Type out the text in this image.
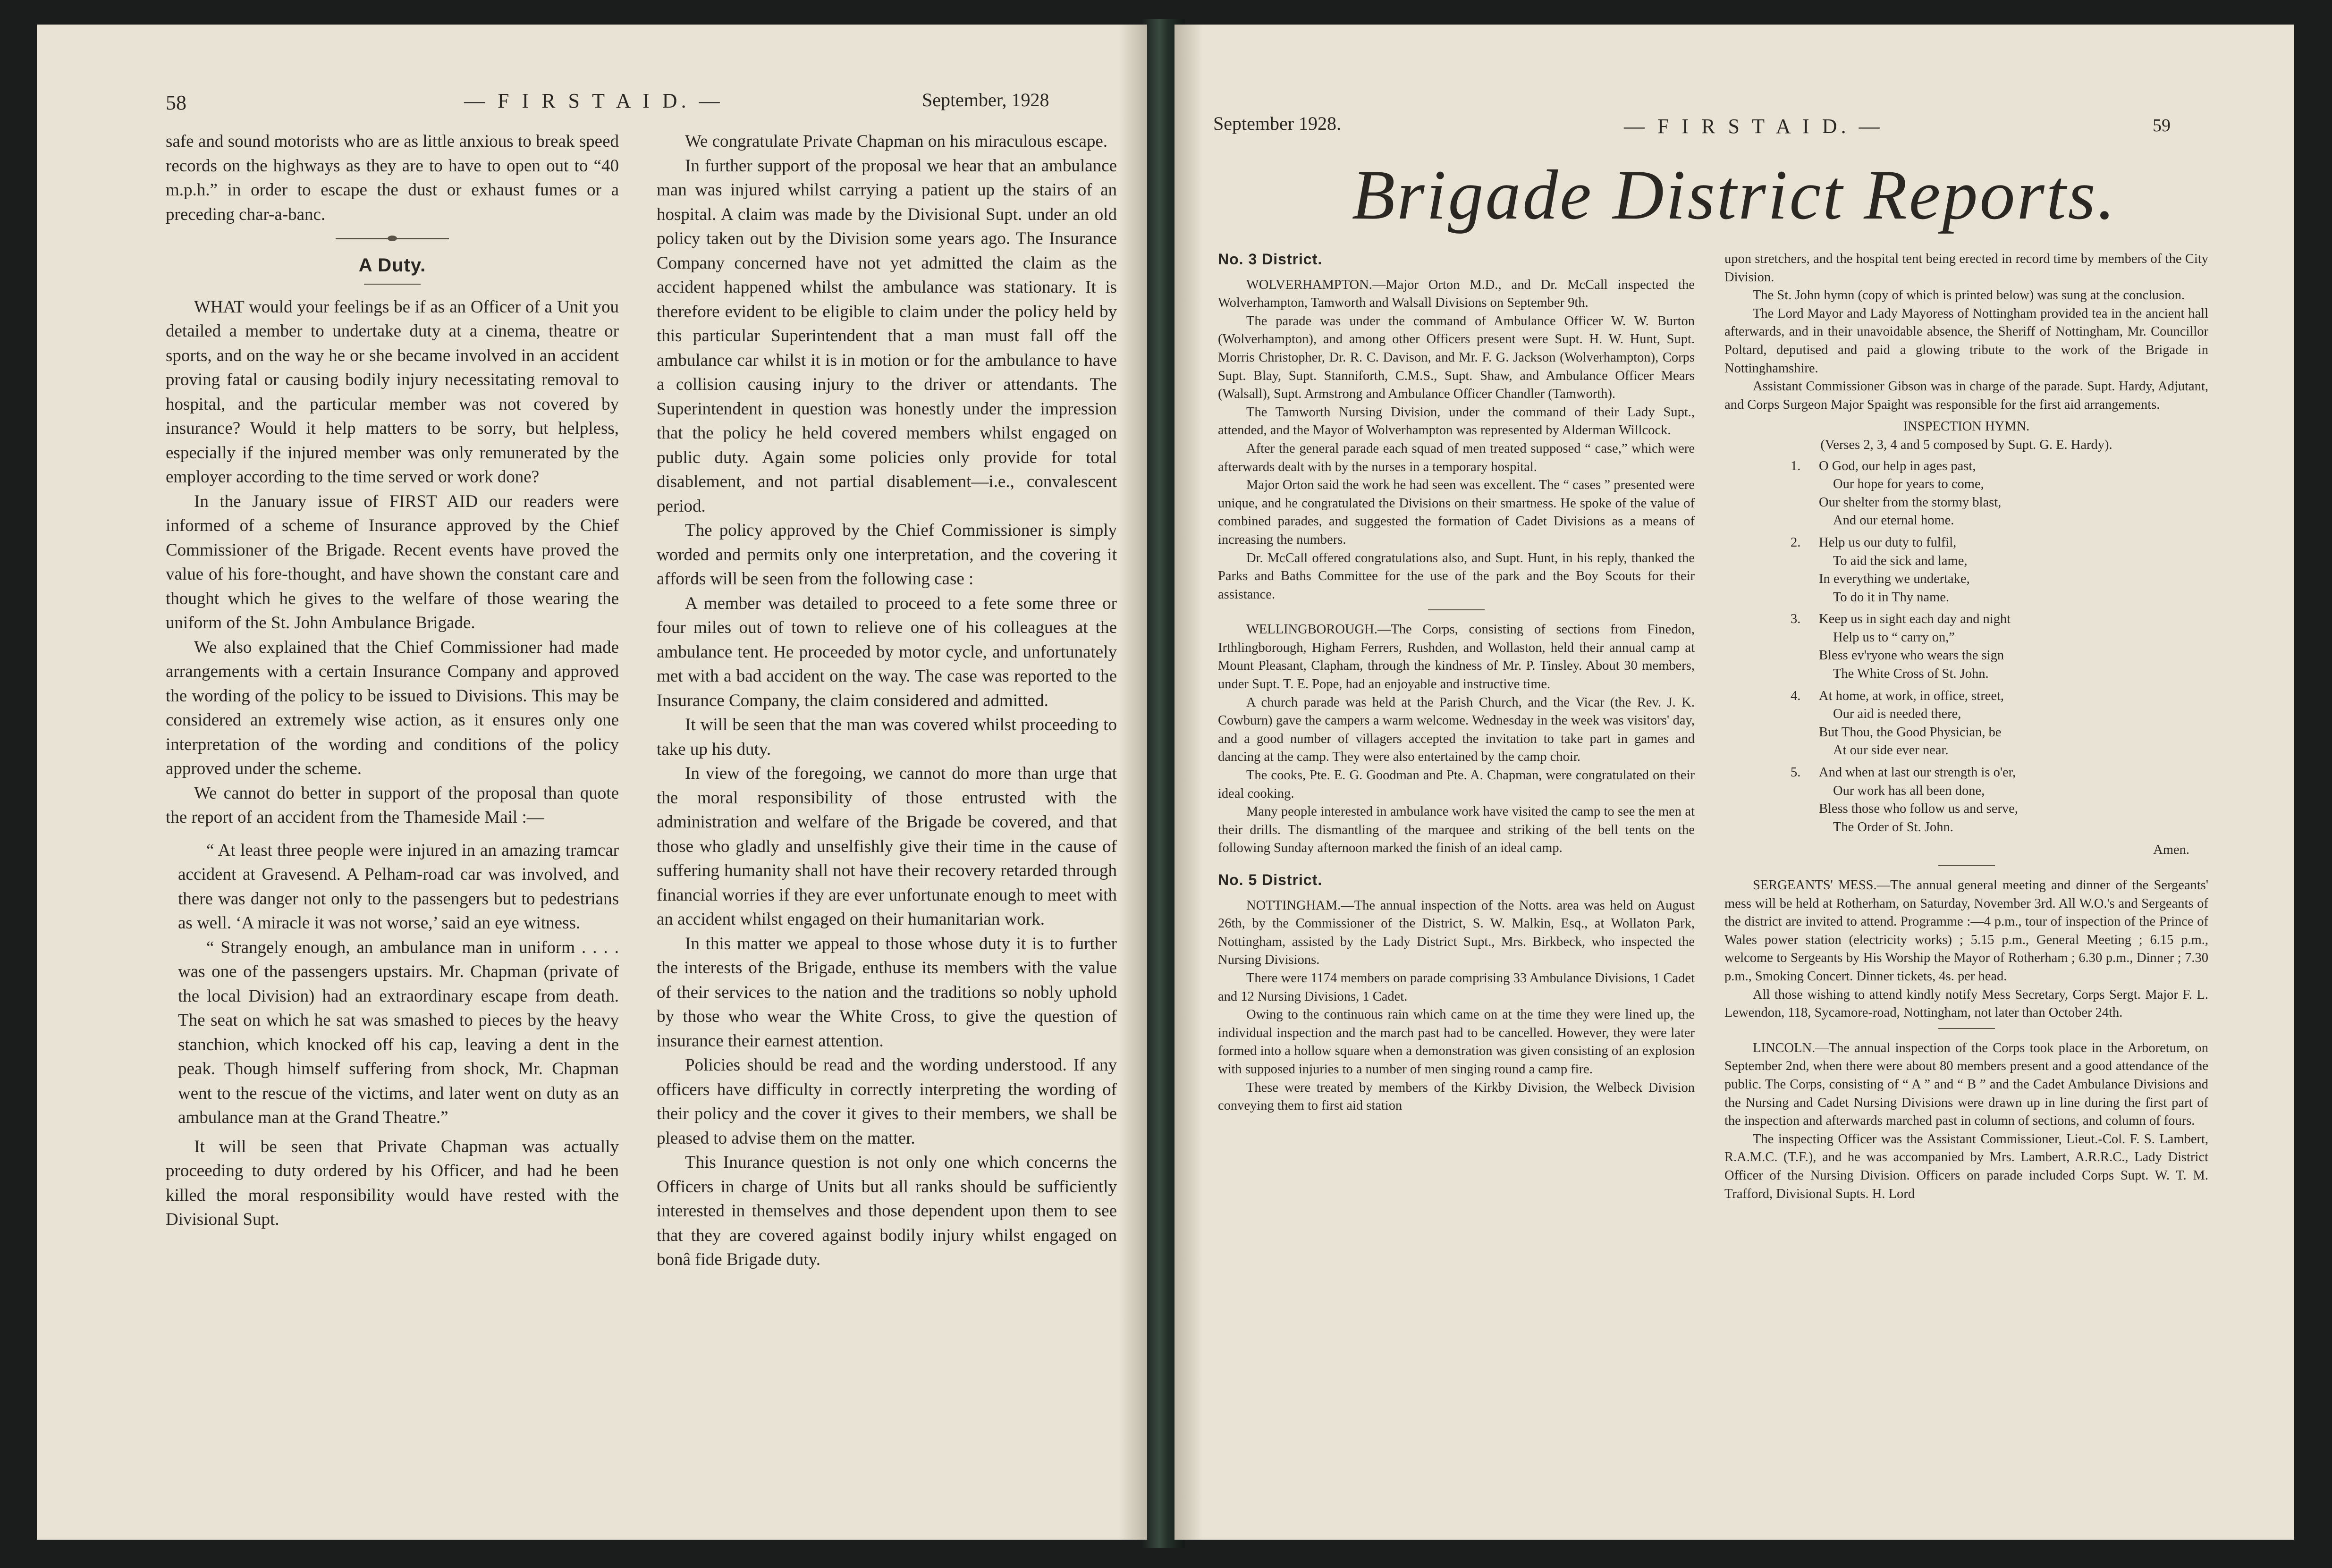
58	— F I R S T A I D. —	September, 1928

safe and sound motorists who are as little anxious to break speed records on the highways as they are to have to open out to “40 m.p.h.” in order to escape the dust or exhaust fumes or a preceding char-a-banc.

A Duty.

WHAT would your feelings be if as an Officer of a Unit you detailed a member to undertake duty at a cinema, theatre or sports, and on the way he or she became involved in an accident proving fatal or causing bodily injury necessitating removal to hospital, and the particular member was not covered by insurance? Would it help matters to be sorry, but helpless, especially if the injured member was only remunerated by the employer according to the time served or work done?

In the January issue of FIRST AID our readers were informed of a scheme of Insurance approved by the Chief Commissioner of the Brigade. Recent events have proved the value of his fore-thought, and have shown the constant care and thought which he gives to the welfare of those wearing the uniform of the St. John Ambulance Brigade.

We also explained that the Chief Commissioner had made arrangements with a certain Insurance Company and approved the wording of the policy to be issued to Divisions. This may be considered an extremely wise action, as it ensures only one interpretation of the wording and conditions of the policy approved under the scheme.

We cannot do better in support of the proposal than quote the report of an accident from the Thameside Mail :—

“ At least three people were injured in an amazing tramcar accident at Gravesend. A Pelham-road car was involved, and there was danger not only to the passengers but to pedestrians as well. ‘A miracle it was not worse,’ said an eye witness.

“ Strangely enough, an ambulance man in uniform . . . . was one of the passengers upstairs. Mr. Chapman (private of the local Division) had an extraordinary escape from death. The seat on which he sat was smashed to pieces by the heavy stanchion, which knocked off his cap, leaving a dent in the peak. Though himself suffering from shock, Mr. Chapman went to the rescue of the victims, and later went on duty as an ambulance man at the Grand Theatre.”

It will be seen that Private Chapman was actually proceeding to duty ordered by his Officer, and had he been killed the moral responsibility would have rested with the Divisional Supt.

We congratulate Private Chapman on his miraculous escape.

In further support of the proposal we hear that an ambulance man was injured whilst carrying a patient up the stairs of an hospital. A claim was made by the Divisional Supt. under an old policy taken out by the Division some years ago. The Insurance Company concerned have not yet admitted the claim as the accident happened whilst the ambulance was stationary. It is therefore evident to be eligible to claim under the policy held by this particular Superintendent that a man must fall off the ambulance car whilst it is in motion or for the ambulance to have a collision causing injury to the driver or attendants. The Superintendent in question was honestly under the impression that the policy he held covered members whilst engaged on public duty. Again some policies only provide for total disablement, and not partial disablement—i.e., convalescent period.

The policy approved by the Chief Commissioner is simply worded and permits only one interpretation, and the covering it affords will be seen from the following case :

A member was detailed to proceed to a fete some three or four miles out of town to relieve one of his colleagues at the ambulance tent. He proceeded by motor cycle, and unfortunately met with a bad accident on the way. The case was reported to the Insurance Company, the claim considered and admitted.

It will be seen that the man was covered whilst proceeding to take up his duty.

In view of the foregoing, we cannot do more than urge that the moral responsibility of those entrusted with the administration and welfare of the Brigade be covered, and that those who gladly and unselfishly give their time in the cause of suffering humanity shall not have their recovery retarded through financial worries if they are ever unfortunate enough to meet with an accident whilst engaged on their humanitarian work.

In this matter we appeal to those whose duty it is to further the interests of the Brigade, enthuse its members with the value of their services to the nation and the traditions so nobly uphold by those who wear the White Cross, to give the question of insurance their earnest attention.

Policies should be read and the wording understood. If any officers have difficulty in correctly interpreting the wording of their policy and the cover it gives to their members, we shall be pleased to advise them on the matter.

This Inurance question is not only one which concerns the Officers in charge of Units but all ranks should be sufficiently interested in themselves and those dependent upon them to see that they are covered against bodily injury whilst engaged on bonâ fide Brigade duty.

September 1928.	— F I R S T A I D. —	59
Brigade District Reports.
No. 3 District.

WOLVERHAMPTON.—Major Orton M.D., and Dr. McCall inspected the Wolverhampton, Tamworth and Walsall Divisions on September 9th.

The parade was under the command of Ambulance Officer W. W. Burton (Wolverhampton), and among other Officers present were Supt. H. W. Hunt, Supt. Morris Christopher, Dr. R. C. Davison, and Mr. F. G. Jackson (Wolverhampton), Corps Supt. Blay, Supt. Stanniforth, C.M.S., Supt. Shaw, and Ambulance Officer Mears (Walsall), Supt. Armstrong and Ambulance Officer Chandler (Tamworth).

The Tamworth Nursing Division, under the command of their Lady Supt., attended, and the Mayor of Wolverhampton was represented by Alderman Willcock.

After the general parade each squad of men treated supposed “ case,” which were afterwards dealt with by the nurses in a temporary hospital.

Major Orton said the work he had seen was excellent. The “ cases ” presented were unique, and he congratulated the Divisions on their smartness. He spoke of the value of combined parades, and suggested the formation of Cadet Divisions as a means of increasing the numbers.

Dr. McCall offered congratulations also, and Supt. Hunt, in his reply, thanked the Parks and Baths Committee for the use of the park and the Boy Scouts for their assistance.

WELLINGBOROUGH.—The Corps, consisting of sections from Finedon, Irthlingborough, Higham Ferrers, Rushden, and Wollaston, held their annual camp at Mount Pleasant, Clapham, through the kindness of Mr. P. Tinsley. About 30 members, under Supt. T. E. Pope, had an enjoyable and instructive time.

A church parade was held at the Parish Church, and the Vicar (the Rev. J. K. Cowburn) gave the campers a warm welcome. Wednesday in the week was visitors' day, and a good number of villagers accepted the invitation to take part in games and dancing at the camp. They were also entertained by the camp choir.

The cooks, Pte. E. G. Goodman and Pte. A. Chapman, were congratulated on their ideal cooking.

Many people interested in ambulance work have visited the camp to see the men at their drills. The dismantling of the marquee and striking of the bell tents on the following Sunday afternoon marked the finish of an ideal camp.

No. 5 District.

NOTTINGHAM.—The annual inspection of the Notts. area was held on August 26th, by the Commissioner of the District, S. W. Malkin, Esq., at Wollaton Park, Nottingham, assisted by the Lady District Supt., Mrs. Birkbeck, who inspected the Nursing Divisions.

There were 1174 members on parade comprising 33 Ambulance Divisions, 1 Cadet and 12 Nursing Divisions, 1 Cadet.

Owing to the continuous rain which came on at the time they were lined up, the individual inspection and the march past had to be cancelled. However, they were later formed into a hollow square when a demonstration was given consisting of an explosion with supposed injuries to a number of men singing round a camp fire.

These were treated by members of the Kirkby Division, the Welbeck Division conveying them to first aid station

upon stretchers, and the hospital tent being erected in record time by members of the City Division.

The St. John hymn (copy of which is printed below) was sung at the conclusion.

The Lord Mayor and Lady Mayoress of Nottingham provided tea in the ancient hall afterwards, and in their unavoidable absence, the Sheriff of Nottingham, Mr. Councillor Poltard, deputised and paid a glowing tribute to the work of the Brigade in Nottinghamshire.

Assistant Commissioner Gibson was in charge of the parade. Supt. Hardy, Adjutant, and Corps Surgeon Major Spaight was responsible for the first aid arrangements.

INSPECTION HYMN.

(Verses 2, 3, 4 and 5 composed by Supt. G. E. Hardy).

1.	O God, our help in ages past,
Our hope for years to come,
Our shelter from the stormy blast,
And our eternal home.
2.	Help us our duty to fulfil,
To aid the sick and lame,
In everything we undertake,
To do it in Thy name.
3.	Keep us in sight each day and night
Help us to “ carry on,”
Bless ev'ryone who wears the sign
The White Cross of St. John.
4.	At home, at work, in office, street,
Our aid is needed there,
But Thou, the Good Physician, be
At our side ever near.
5.	And when at last our strength is o'er,
Our work has all been done,
Bless those who follow us and serve,
The Order of St. John.

Amen.

SERGEANTS' MESS.—The annual general meeting and dinner of the Sergeants' mess will be held at Rotherham, on Saturday, November 3rd. All W.O.'s and Sergeants of the district are invited to attend. Programme :—4 p.m., tour of inspection of the Prince of Wales power station (electricity works) ; 5.15 p.m., General Meeting ; 6.15 p.m., welcome to Sergeants by His Worship the Mayor of Rotherham ; 6.30 p.m., Dinner ; 7.30 p.m., Smoking Concert. Dinner tickets, 4s. per head.

All those wishing to attend kindly notify Mess Secretary, Corps Sergt. Major F. L. Lewendon, 118, Sycamore-road, Nottingham, not later than October 24th.

LINCOLN.—The annual inspection of the Corps took place in the Arboretum, on September 2nd, when there were about 80 members present and a good attendance of the public. The Corps, consisting of “ A ” and “ B ” and the Cadet Ambulance Divisions and the Nursing and Cadet Nursing Divisions were drawn up in line during the first part of the inspection and afterwards marched past in column of sections, and column of fours.

The inspecting Officer was the Assistant Commissioner, Lieut.-Col. F. S. Lambert, R.A.M.C. (T.F.), and he was accompanied by Mrs. Lambert, A.R.R.C., Lady District Officer of the Nursing Division. Officers on parade included Corps Supt. W. T. M. Trafford, Divisional Supts. H. Lord
